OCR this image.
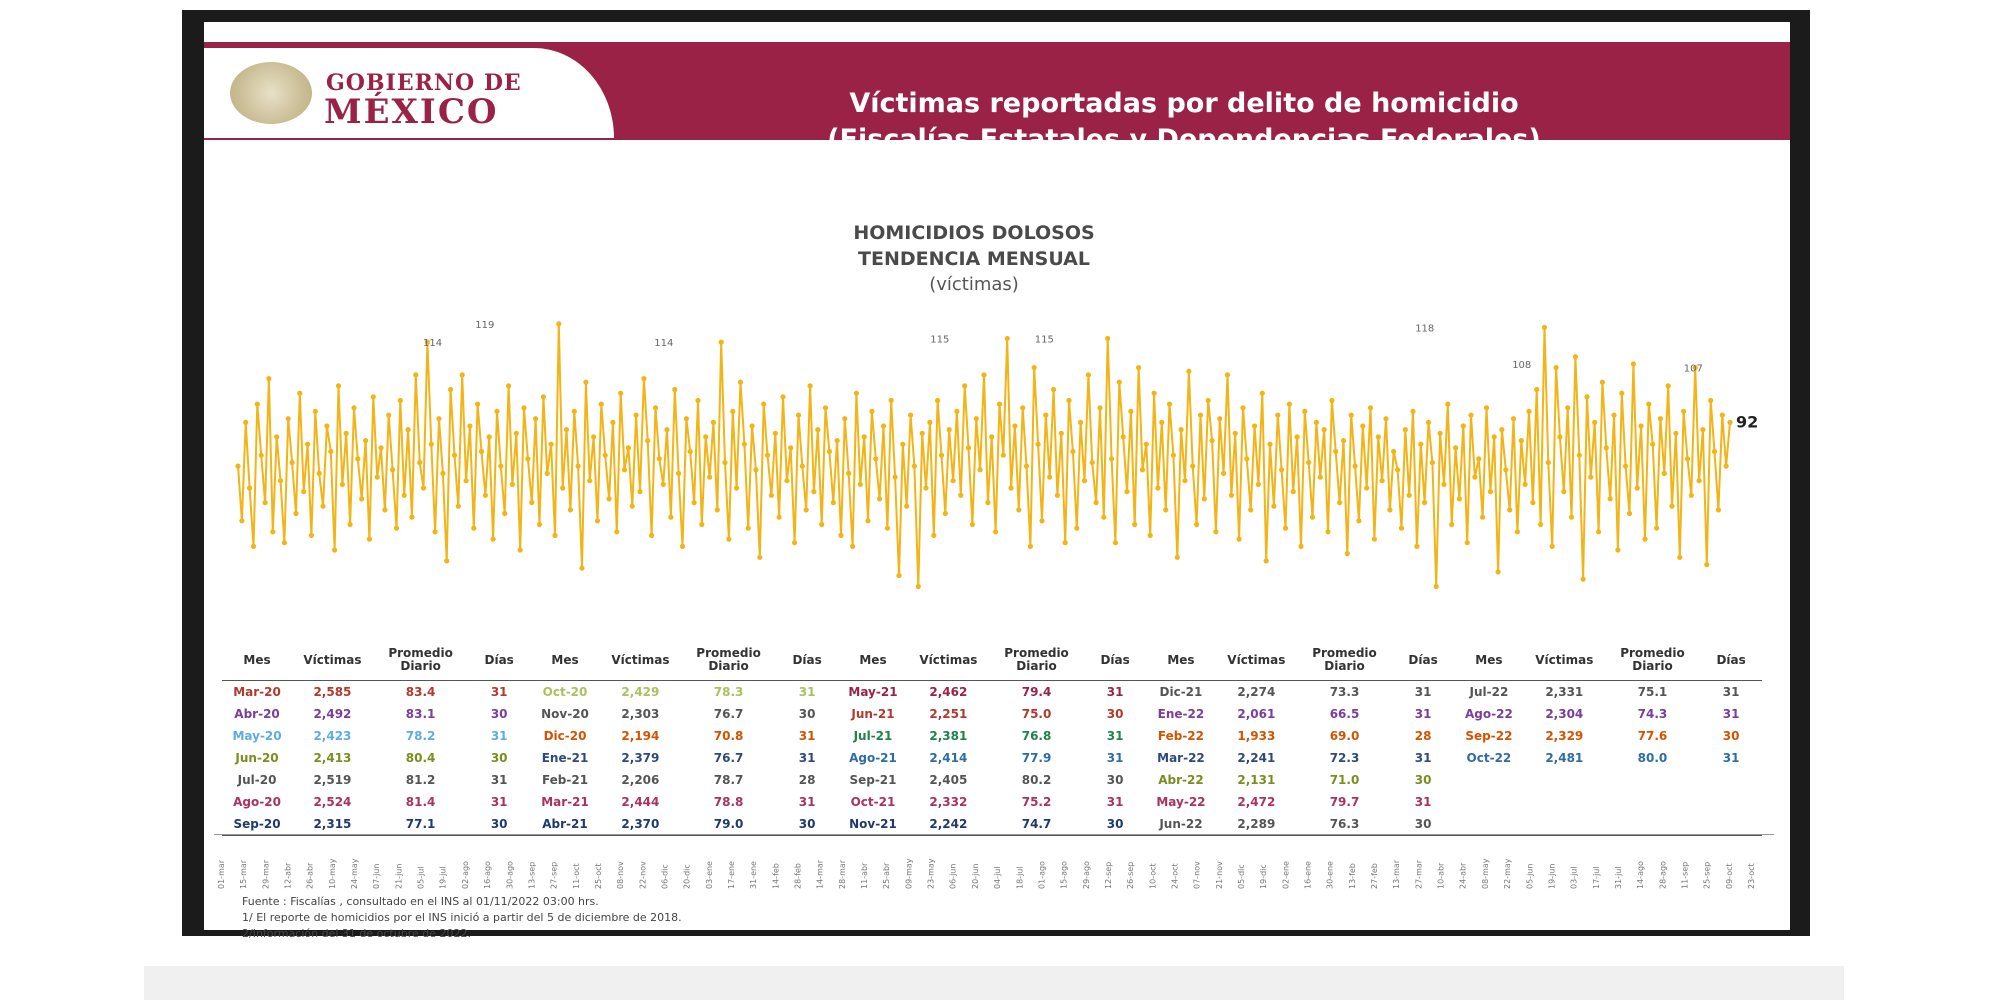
Víctimas reportadas por delito de homicidio
(Fiscalías Estatales y Dependencias Federales)
GOBIERNO DE
MÉXICO
HOMICIDIOS DOLOSOS
TENDENCIA MENSUAL
(víctimas)
114
119
114	115	115
118
108	107
92
Mes	Víctimas	Promedio Diario	Días	Mes	Víctimas	Promedio Diario	Días	Mes	Víctimas	Promedio Diario	Días	Mes	Víctimas	Promedio Diario	Días	Mes	Víctimas	Promedio Diario	Días
Mar-20	2,585	83.4	31	Oct-20	2,429	78.3	31	May-21	2,462	79.4	31	Dic-21	2,274	73.3	31	Jul-22	2,331	75.1	31
Abr-20	2,492	83.1	30	Nov-20	2,303	76.7	30	Jun-21	2,251	75.0	30	Ene-22	2,061	66.5	31	Ago-22	2,304	74.3	31
May-20	2,423	78.2	31	Dic-20	2,194	70.8	31	Jul-21	2,381	76.8	31	Feb-22	1,933	69.0	28	Sep-22	2,329	77.6	30
Jun-20	2,413	80.4	30	Ene-21	2,379	76.7	31	Ago-21	2,414	77.9	31	Mar-22	2,241	72.3	31	Oct-22	2,481	80.0	31
Jul-20	2,519	81.2	31	Feb-21	2,206	78.7	28	Sep-21	2,405	80.2	30	Abr-22	2,131	71.0	30				
Ago-20	2,524	81.4	31	Mar-21	2,444	78.8	31	Oct-21	2,332	75.2	31	May-22	2,472	79.7	31				
Sep-20	2,315	77.1	30	Abr-21	2,370	79.0	30	Nov-21	2,242	74.7	30	Jun-22	2,289	76.3	30				
01-mar 15-mar 29-mar 12-abr 26-abr 10-may 24-may 07-jun 21-jun 05-jul 19-jul 02-ago 16-ago 30-ago 13-sep 27-sep 11-oct 25-oct 08-nov 22-nov 06-dic 20-dic 03-ene 17-ene 31-ene 14-feb 28-feb 14-mar 28-mar 11-abr 25-abr 09-may 23-may 06-jun 20-jun 04-jul 18-jul 01-ago 15-ago 29-ago 12-sep 26-sep 10-oct 24-oct 07-nov 21-nov 05-dic 19-dic 02-ene 16-ene 30-ene 13-feb 27-feb 13-mar 27-mar 10-abr 24-abr 08-may 22-may 05-jun 19-jun 03-jul 17-jul 31-jul 14-ago 28-ago 11-sep 25-sep 09-oct 23-oct
Fuente : Fiscalías , consultado en el INS al 01/11/2022 03:00 hrs.
1/ El reporte de homicidios por el INS inició a partir del 5 de diciembre de 2018.
2/Información del 31 de octubre de 2022.
